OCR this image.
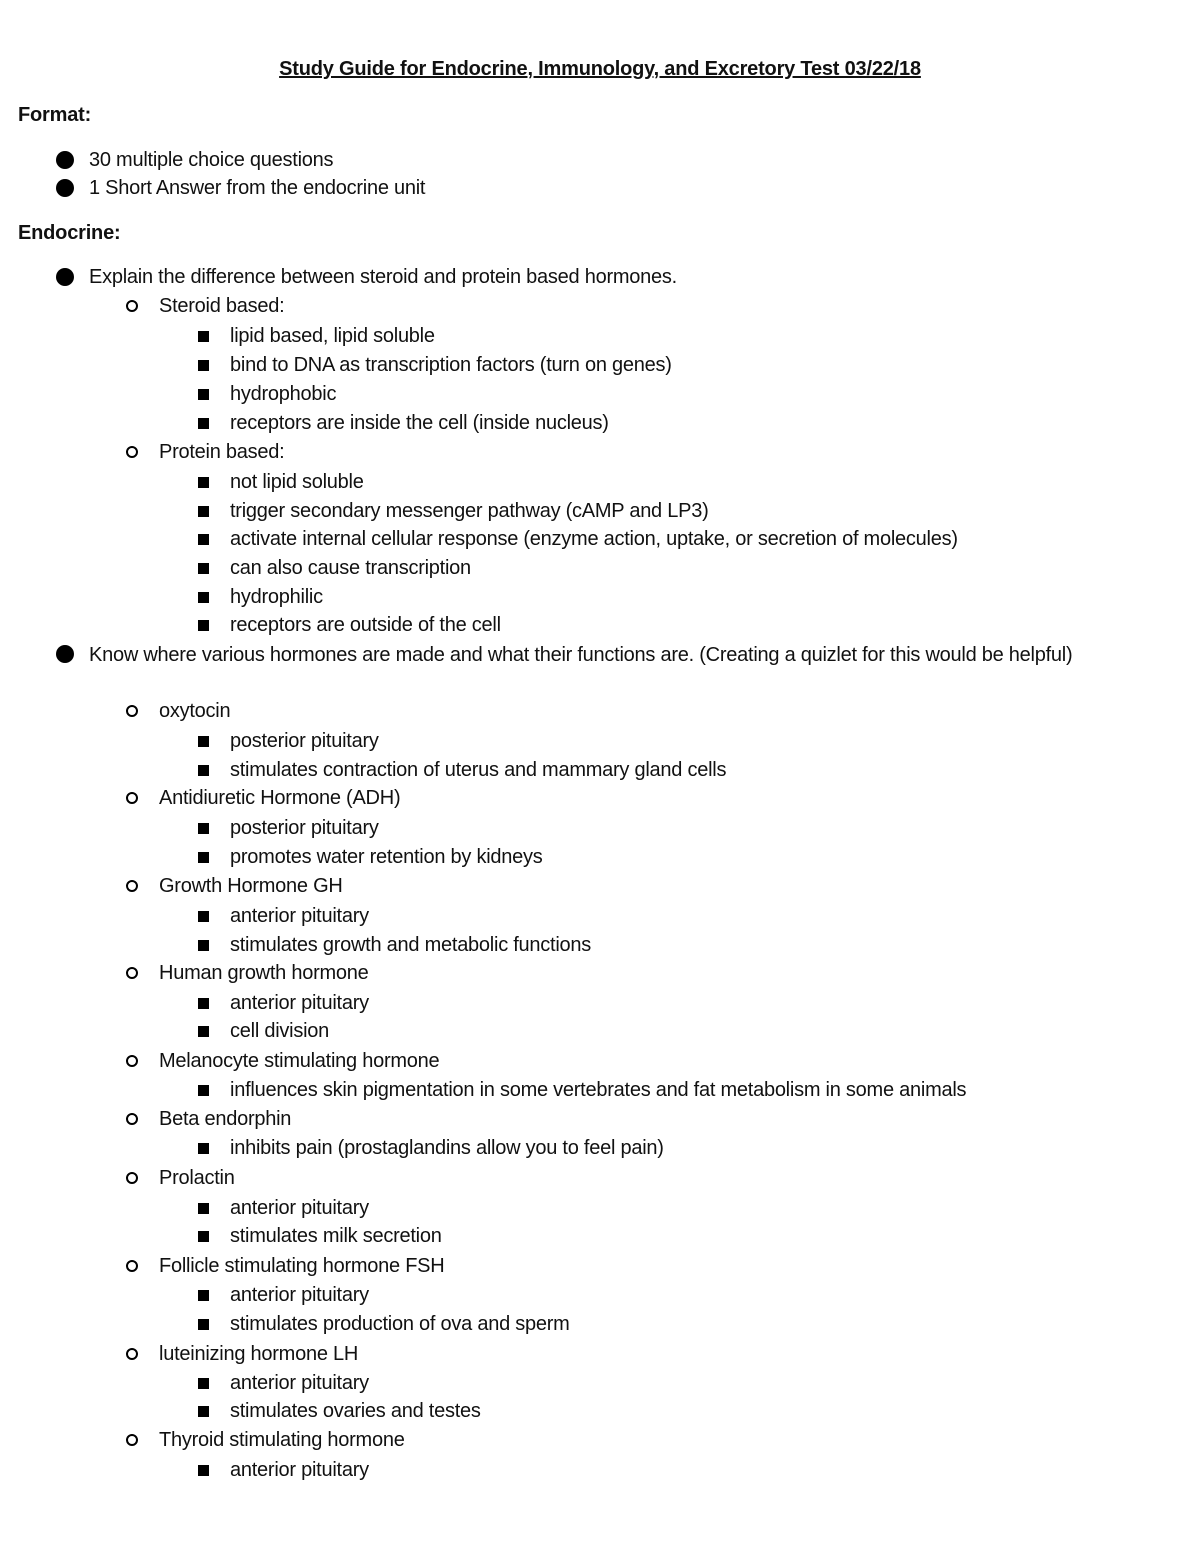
Study Guide for Endocrine, Immunology, and Excretory Test 03/22/18
Format:
30 multiple choice questions
1 Short Answer from the endocrine unit
Endocrine:
Explain the difference between steroid and protein based hormones.
Steroid based:
lipid based, lipid soluble
bind to DNA as transcription factors (turn on genes)
hydrophobic
receptors are inside the cell (inside nucleus)
Protein based:
not lipid soluble
trigger secondary messenger pathway (cAMP and LP3)
activate internal cellular response (enzyme action, uptake, or secretion of molecules)
can also cause transcription
hydrophilic
receptors are outside of the cell
Know where various hormones are made and what their functions are. (Creating a quizlet for this would be helpful)
oxytocin
posterior pituitary
stimulates contraction of uterus and mammary gland cells
Antidiuretic Hormone (ADH)
posterior pituitary
promotes water retention by kidneys
Growth Hormone GH
anterior pituitary
stimulates growth and metabolic functions
Human growth hormone
anterior pituitary
cell division
Melanocyte stimulating hormone
influences skin pigmentation in some vertebrates and fat metabolism in some animals
Beta endorphin
inhibits pain (prostaglandins allow you to feel pain)
Prolactin
anterior pituitary
stimulates milk secretion
Follicle stimulating hormone FSH
anterior pituitary
stimulates production of ova and sperm
luteinizing hormone LH
anterior pituitary
stimulates ovaries and testes
Thyroid stimulating hormone
anterior pituitary
